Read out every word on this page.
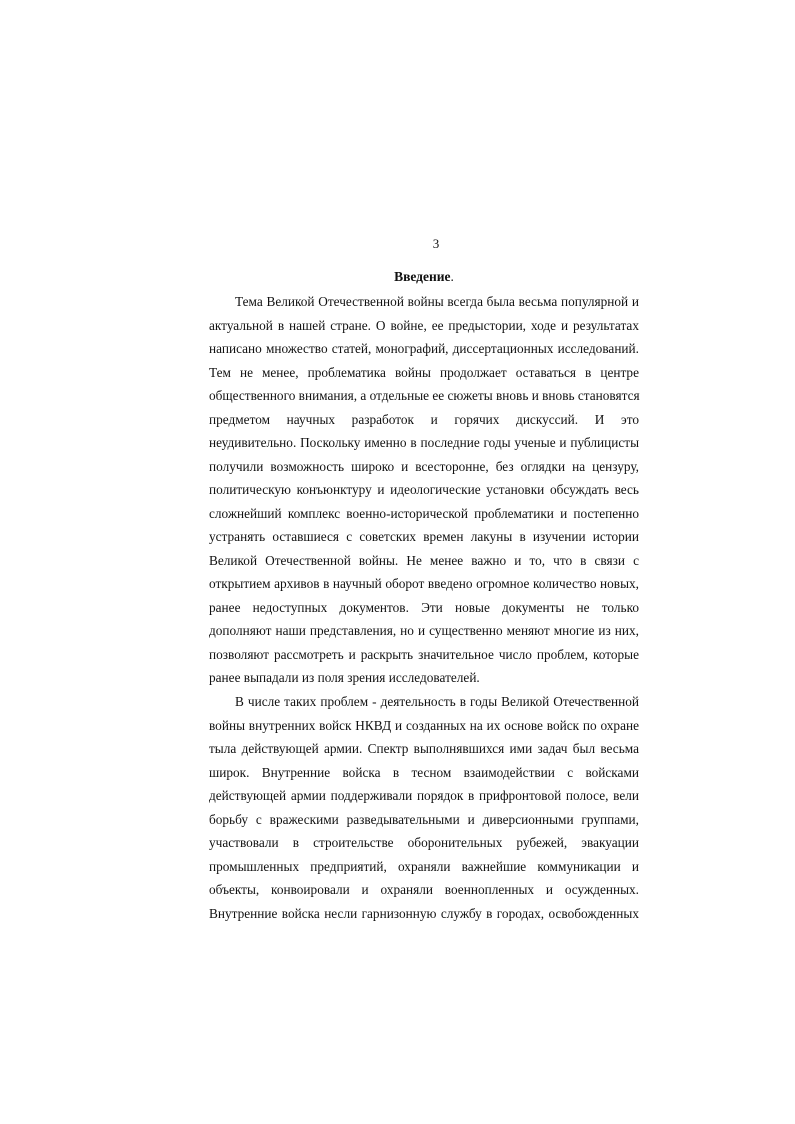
3
Введение.
Тема Великой Отечественной войны всегда была весьма популярной и
актуальной в нашей стране. О войне, ее предыстории, ходе и результатах
написано множество статей, монографий, диссертационных исследований.
Тем не менее, проблематика войны продолжает оставаться в центре
общественного внимания, а отдельные ее сюжеты вновь и вновь становятся
предметом научных разработок и горячих дискуссий. И это
неудивительно. Поскольку именно в последние годы ученые и публицисты
получили возможность широко и всесторонне, без оглядки на цензуру,
политическую конъюнктуру и идеологические установки обсуждать весь
сложнейший комплекс военно-исторической проблематики и постепенно
устранять оставшиеся с советских времен лакуны в изучении истории
Великой Отечественной войны. Не менее важно и то, что в связи с
открытием архивов в научный оборот введено огромное количество новых,
ранее недоступных документов. Эти новые документы не только
дополняют наши представления, но и существенно меняют многие из них,
позволяют рассмотреть и раскрыть значительное число проблем, которые
ранее выпадали из поля зрения исследователей.
В числе таких проблем - деятельность в годы Великой Отечественной
войны внутренних войск НКВД и созданных на их основе войск по охране
тыла действующей армии. Спектр выполнявшихся ими задач был весьма
широк. Внутренние войска в тесном взаимодействии с войсками
действующей армии поддерживали порядок в прифронтовой полосе, вели
борьбу с вражескими разведывательными и диверсионными группами,
участвовали в строительстве оборонительных рубежей, эвакуации
промышленных предприятий, охраняли важнейшие коммуникации и
объекты, конвоировали и охраняли военнопленных и осужденных.
Внутренние войска несли гарнизонную службу в городах, освобожденных
